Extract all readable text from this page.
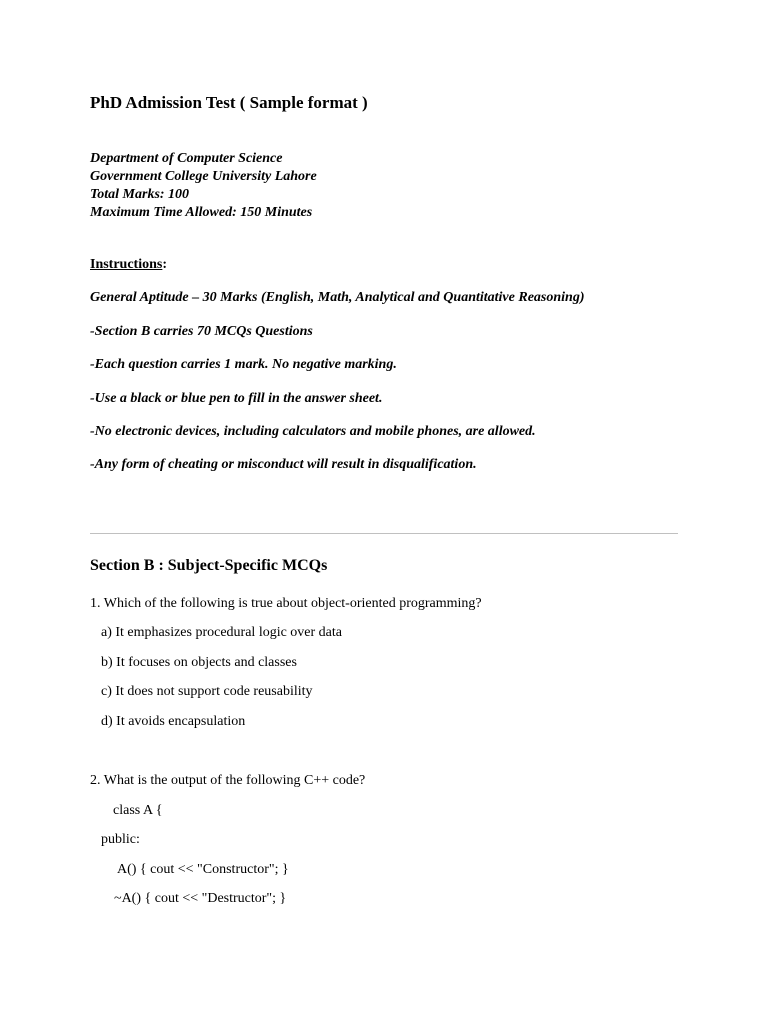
PhD Admission Test ( Sample format )
Department of Computer Science
Government College University Lahore
Total Marks: 100
Maximum Time Allowed: 150 Minutes
Instructions:
General Aptitude – 30 Marks (English, Math, Analytical and Quantitative Reasoning)
-Section B carries 70 MCQs Questions
-Each question carries 1 mark. No negative marking.
-Use a black or blue pen to fill in the answer sheet.
-No electronic devices, including calculators and mobile phones, are allowed.
-Any form of cheating or misconduct will result in disqualification.
Section B : Subject-Specific MCQs
1. Which of the following is true about object-oriented programming?
a) It emphasizes procedural logic over data
b) It focuses on objects and classes
c) It does not support code reusability
d) It avoids encapsulation
2. What is the output of the following C++ code?
class A {
public:
A() { cout << "Constructor"; }
~A() { cout << "Destructor"; }
